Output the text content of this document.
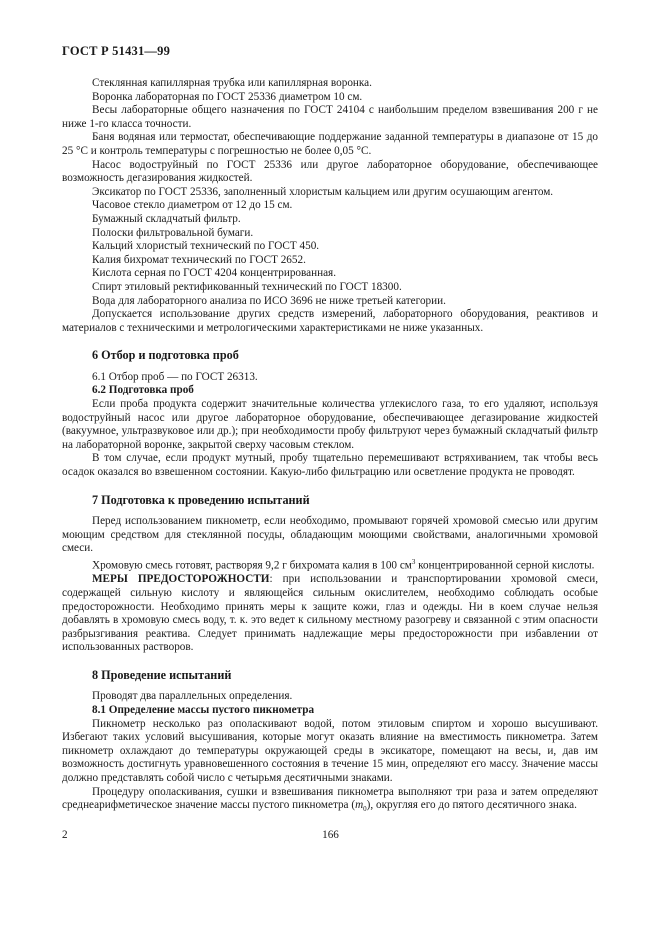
ГОСТ Р 51431—99

Стеклянная капиллярная трубка или капиллярная воронка.

Воронка лабораторная по ГОСТ 25336 диаметром 10 см.

Весы лабораторные общего назначения по ГОСТ 24104 с наибольшим пределом взвешивания 200 г не ниже 1-го класса точности.

Баня водяная или термостат, обеспечивающие поддержание заданной температуры в диапазоне от 15 до 25 °С и контроль температуры с погрешностью не более 0,05 °С.

Насос водоструйный по ГОСТ 25336 или другое лабораторное оборудование, обеспечивающее возможность дегазирования жидкостей.

Эксикатор по ГОСТ 25336, заполненный хлористым кальцием или другим осушающим агентом.

Часовое стекло диаметром от 12 до 15 см.

Бумажный складчатый фильтр.

Полоски фильтровальной бумаги.

Кальций хлористый технический по ГОСТ 450.

Калия бихромат технический по ГОСТ 2652.

Кислота серная по ГОСТ 4204 концентрированная.

Спирт этиловый ректификованный технический по ГОСТ 18300.

Вода для лабораторного анализа по ИСО 3696 не ниже третьей категории.

Допускается использование других средств измерений, лабораторного оборудования, реактивов и материалов с техническими и метрологическими характеристиками не ниже указанных.

6 Отбор и подготовка проб

6.1 Отбор проб — по ГОСТ 26313.

6.2 Подготовка проб

Если проба продукта содержит значительные количества углекислого газа, то его удаляют, используя водоструйный насос или другое лабораторное оборудование, обеспечивающее дегазирование жидкостей (вакуумное, ультразвуковое или др.); при необходимости пробу фильтруют через бумажный складчатый фильтр на лабораторной воронке, закрытой сверху часовым стеклом.

В том случае, если продукт мутный, пробу тщательно перемешивают встряхиванием, так чтобы весь осадок оказался во взвешенном состоянии. Какую-либо фильтрацию или осветление продукта не проводят.

7 Подготовка к проведению испытаний

Перед использованием пикнометр, если необходимо, промывают горячей хромовой смесью или другим моющим средством для стеклянной посуды, обладающим моющими свойствами, аналогичными хромовой смеси.

Хромовую смесь готовят, растворяя 9,2 г бихромата калия в 100 $см^3$ концентрированной серной кислоты.

МЕРЫ ПРЕДОСТОРОЖНОСТИ: при использовании и транспортировании хромовой смеси, содержащей сильную кислоту и являющейся сильным окислителем, необходимо соблюдать особые предосторожности. Необходимо принять меры к защите кожи, глаз и одежды. Ни в коем случае нельзя добавлять в хромовую смесь воду, т. к. это ведет к сильному местному разогреву и связанной с этим опасности разбрызгивания реактива. Следует принимать надлежащие меры предосторожности при избавлении от использованных растворов.

8 Проведение испытаний

Проводят два параллельных определения.

8.1 Определение массы пустого пикнометра

Пикнометр несколько раз ополаскивают водой, потом этиловым спиртом и хорошо высушивают. Избегают таких условий высушивания, которые могут оказать влияние на вместимость пикнометра. Затем пикнометр охлаждают до температуры окружающей среды в эксикаторе, помещают на весы, и, дав им возможность достигнуть уравновешенного состояния в течение 15 мин, определяют его массу. Значение массы должно представлять собой число с четырьмя десятичными знаками.

Процедуру ополаскивания, сушки и взвешивания пикнометра выполняют три раза и затем определяют среднеарифметическое значение массы пустого пикнометра $(m_0)$, округляя его до пятого десятичного знака.

2	166
